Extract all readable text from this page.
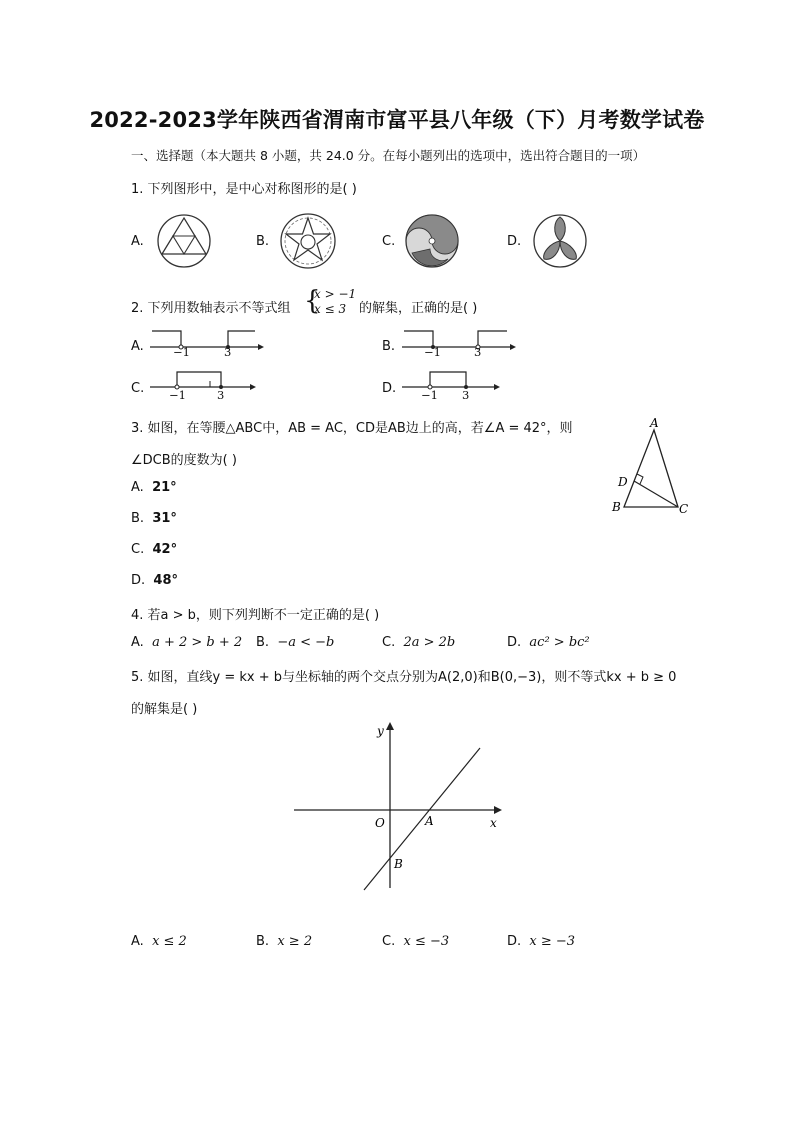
2022-2023学年陕西省渭南市富平县八年级（下）月考数学试卷
一、选择题（本大题共 8 小题，共 24.0 分。在每小题列出的选项中，选出符合题目的一项）
1. 下列图形中，是中心对称图形的是( )
A.	B.	C.	D.
2. 下列用数轴表示不等式组 {
x > −1
x ≤ 3 的解集，正确的是( )
A.	B.
C.	D.
−1	3	−1	3
−1	3	−1 3
3. 如图，在等腰△ABC中，AB = AC，CD是AB边上的高，若∠A = 42°，则
∠DCB的度数为( )
A. 21°
B. 31°
C. 42°
D. 48°
A
B	C
D
4. 若a > b，则下列判断不一定正确的是( )
A. a + 2 > b + 2 B. −a < −b	C. 2a > 2b	D. ac² > bc²
5. 如图，直线y = kx + b与坐标轴的两个交点分别为A(2,0)和B(0,−3)，则不等式kx + b ≥ 0
的解集是( )
y
x
O	A
B
A. x ≤ 2	B. x ≥ 2	C. x ≤ −3	D. x ≥ −3
